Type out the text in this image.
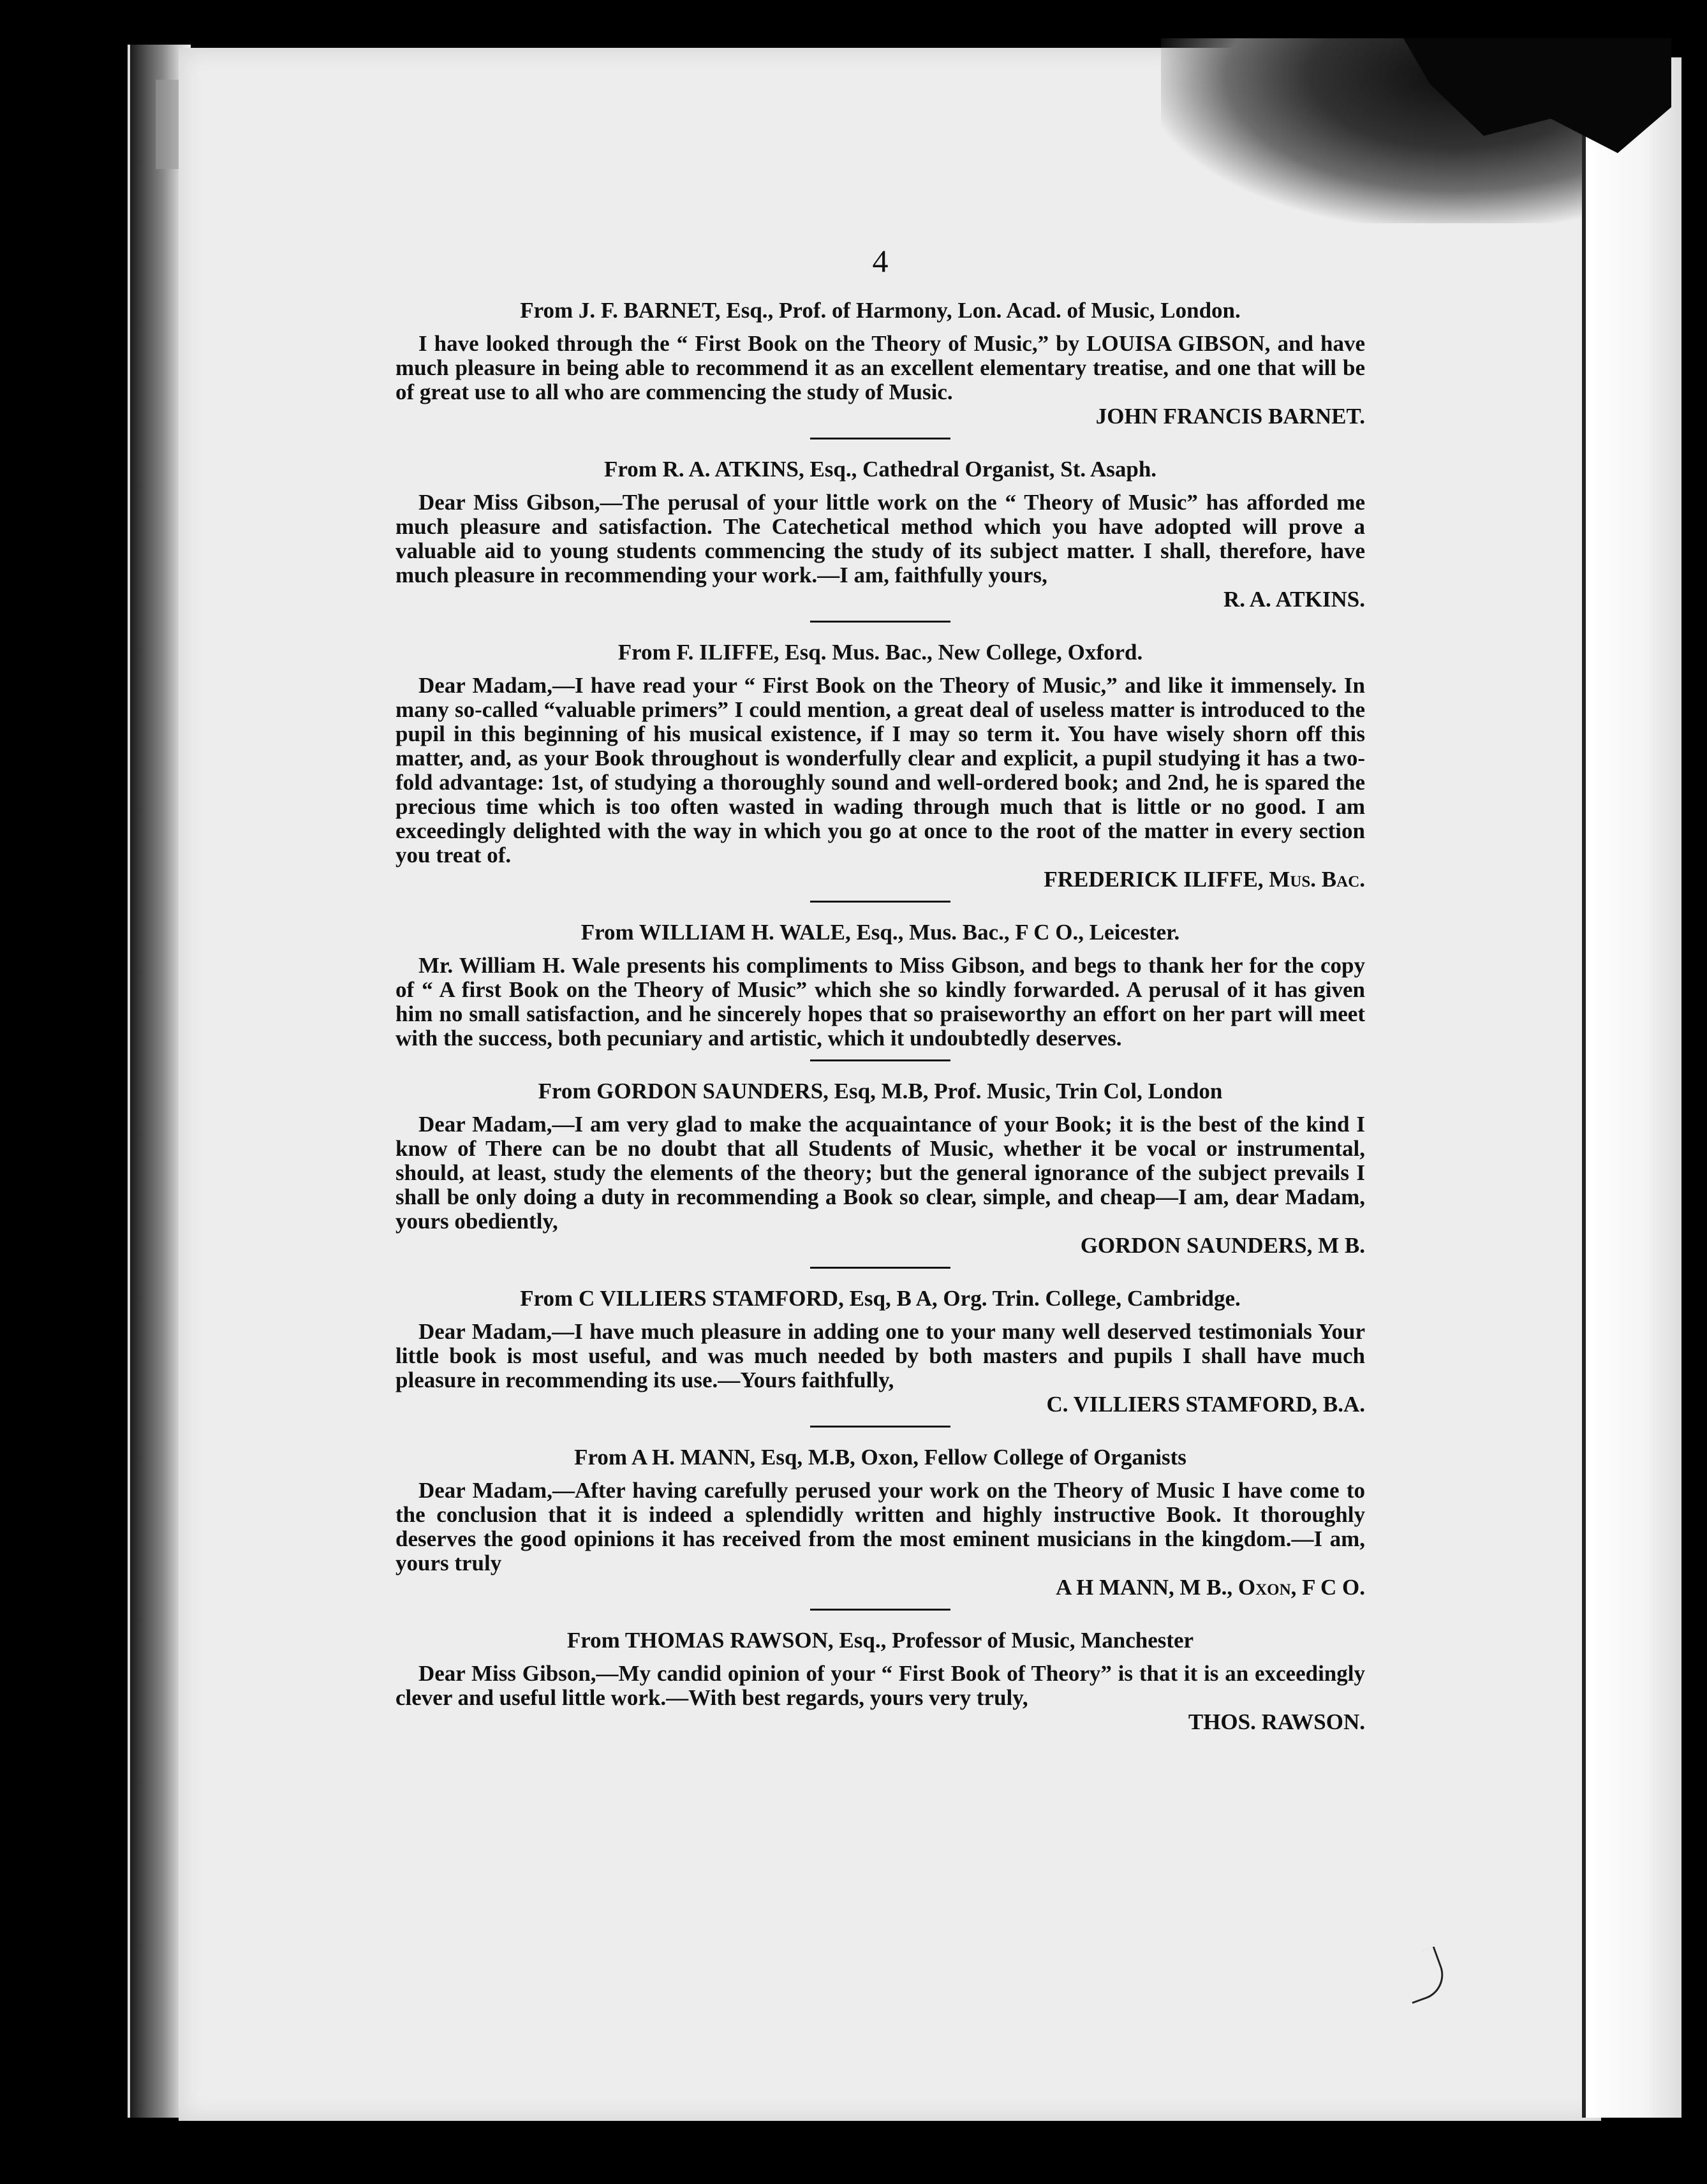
4

From J. F. BARNET, Esq., Prof. of Harmony, Lon. Acad. of Music, London.

I have looked through the “ First Book on the Theory of Music,” by LOUISA GIBSON, and have much pleasure in being able to recommend it as an excellent elementary treatise, and one that will be of great use to all who are commencing the study of Music.

JOHN FRANCIS BARNET.

From R. A. ATKINS, Esq., Cathedral Organist, St. Asaph.

Dear Miss Gibson,—The perusal of your little work on the “ Theory of Music” has afforded me much pleasure and satisfaction. The Catechetical method which you have adopted will prove a valuable aid to young students commencing the study of its subject matter. I shall, therefore, have much pleasure in recommending your work.—I am, faithfully yours,

R. A. ATKINS.

From F. ILIFFE, Esq. Mus. Bac., New College, Oxford.

Dear Madam,—I have read your “ First Book on the Theory of Music,” and like it immensely. In many so-called “valuable primers” I could mention, a great deal of useless matter is introduced to the pupil in this beginning of his musical existence, if I may so term it. You have wisely shorn off this matter, and, as your Book throughout is wonderfully clear and explicit, a pupil studying it has a two-fold advantage: 1st, of studying a thoroughly sound and well-ordered book; and 2nd, he is spared the precious time which is too often wasted in wading through much that is little or no good. I am exceedingly delighted with the way in which you go at once to the root of the matter in every section you treat of.

FREDERICK ILIFFE, Mus. Bac.

From WILLIAM H. WALE, Esq., Mus. Bac., F C O., Leicester.

Mr. William H. Wale presents his compliments to Miss Gibson, and begs to thank her for the copy of “ A first Book on the Theory of Music” which she so kindly forwarded. A perusal of it has given him no small satisfaction, and he sincerely hopes that so praiseworthy an effort on her part will meet with the success, both pecuniary and artistic, which it undoubtedly deserves.

From GORDON SAUNDERS, Esq, M.B, Prof. Music, Trin Col, London

Dear Madam,—I am very glad to make the acquaintance of your Book; it is the best of the kind I know of There can be no doubt that all Students of Music, whether it be vocal or instrumental, should, at least, study the elements of the theory; but the general ignorance of the subject prevails I shall be only doing a duty in recommending a Book so clear, simple, and cheap—I am, dear Madam, yours obediently,

GORDON SAUNDERS, M B.

From C VILLIERS STAMFORD, Esq, B A, Org. Trin. College, Cambridge.

Dear Madam,—I have much pleasure in adding one to your many well deserved testimonials Your little book is most useful, and was much needed by both masters and pupils I shall have much pleasure in recommending its use.—Yours faithfully,

C. VILLIERS STAMFORD, B.A.

From A H. MANN, Esq, M.B, Oxon, Fellow College of Organists

Dear Madam,—After having carefully perused your work on the Theory of Music I have come to the conclusion that it is indeed a splendidly written and highly instructive Book. It thoroughly deserves the good opinions it has received from the most eminent musicians in the kingdom.—I am, yours truly

A H MANN, M B., Oxon, F C O.

From THOMAS RAWSON, Esq., Professor of Music, Manchester

Dear Miss Gibson,—My candid opinion of your “ First Book of Theory” is that it is an exceedingly clever and useful little work.—With best regards, yours very truly,

THOS. RAWSON.
